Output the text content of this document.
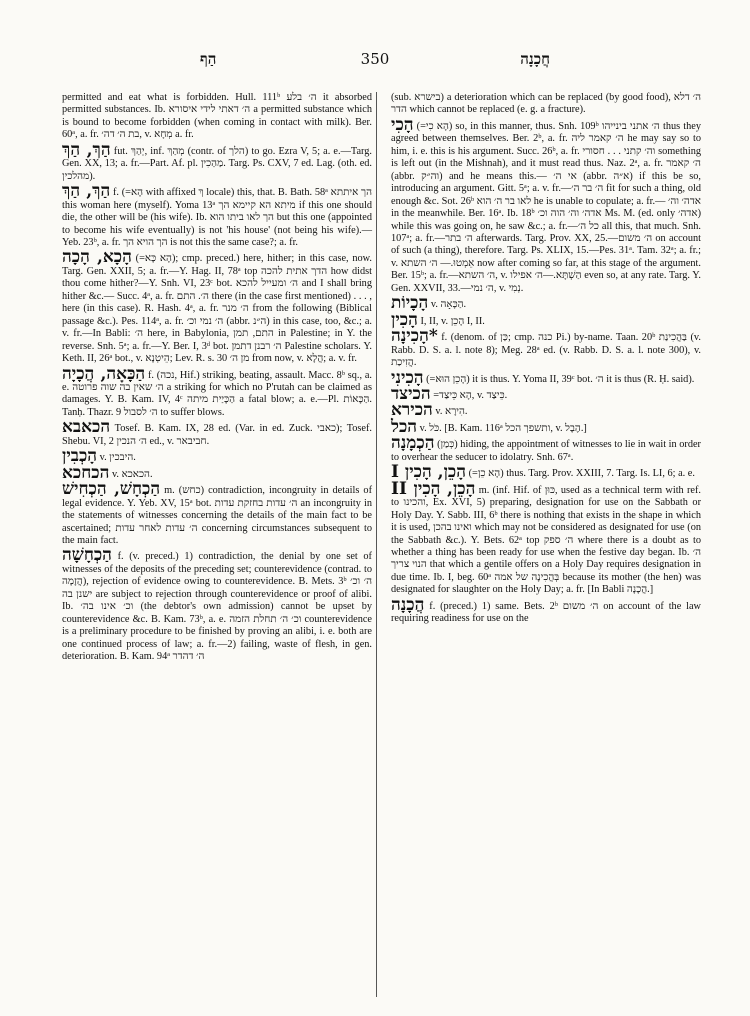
הַף	350	חֲכָנָה

permitted and eat what is forbidden. Hull. 111ᵇ ה׳ בלע it absorbed permitted substances. Ib. ה׳ דאתי לידי איסורא a permitted substance which is bound to become forbidden (when coming in contact with milk). Ber. 60ᵃ, a. fr. בת ה׳ דה׳, v. מְחָא a. fr.

הַךְ, הַךְ fut. יְהַךְ, inf. מְהַךְ (contr. of הלך) to go. Ezra V, 5; a. e.—Targ. Gen. XX, 13; a. fr.—Part. Af. pl. מַהַכִין. Targ. Ps. CXV, 7 ed. Lag. (oth. ed. מהלכין).

הַךְ, הַךְ f. (=הָא with affixed ךְ locale) this, that. B. Bath. 58ᵃ הך איתתא this woman here (myself). Yoma 13ᵃ מיתא הא קיימא הך if this one should die, the other will be (his wife). Ib. הך לאו ביתו הוא but this one (appointed to become his wife eventually) is not 'his house' (not being his wife).—Yeb. 23ᵇ, a. fr. הך הויא הך is not this the same case?; a. fr.

הָכָא, הָכָה (=הָא כָּא); cmp. preced.) here, hither; in this case, now. Targ. Gen. XXII, 5; a. fr.—Y. Hag. II, 78ᵃ top הדך אתית להכה how didst thou come hither?—Y. Snh. VI, 23ᶜ bot. ה׳ ומעייל להכא and I shall bring hither &c.— Succ. 4ᵃ, a. fr. ה׳. התם there (in the case first mentioned) . . . , here (in this case). R. Hash. 4ᵃ, a. fr. ה׳ מנר from the following (Biblical passage &c.). Pes. 114ᵃ, a. fr. ה׳ נמי וכ׳ (abbr. ה״נ) in this case, too, &c.; a. v. fr.—In Babli: ה׳ here, in Babylonia, התם, תמן in Palestine; in Y. the reverse. Snh. 5ᵃ; a. fr.—Y. Ber. I, 3ᵈ bot. ה׳ רבנן דתמן Palestine scholars. Y. Keth. II, 26ᵃ bot., v. הֵיטְנָא; Lev. R. s. 30 מן ה׳ from now, v. הֲלָא; a. v. fr.

הַכָּאָה, הֲכָיָה f. (נכה, Hif.) striking, beating, assault. Macc. 8ᵇ sq., a. e. ה׳ שאין בה שוה פרוטה a striking for which no P'rutah can be claimed as damages. Y. B. Kam. IV, 4ᶜ הַכָּיַית מיתה a fatal blow; a. e.—Pl. הַכָּאוֹת. Tanḥ. Thazr. 9 ה׳ לסבול to suffer blows.

הכאבא Tosef. B. Kam. IX, 28 ed. (Var. in ed. Zuck. כאבי); Tosef. Shebu. VI, 2 ה׳ הנכין ed., v. חביבאר.

הָכְבִין v. היבכין.

הכחכא v. הכאכא.

הַכְחָשׁ, הַכְחִישׁ m. (כחש) contradiction, incongruity in details of legal evidence. Y. Yeb. XV, 15ᵃ bot. ה׳ עדות בחזקת עדות an incongruity in the statements of witnesses concerning the details of the main fact to be ascertained; ה׳ עדות לאחר עדות concerning circumstances subsequent to the main fact.

הַכְחָשָׁה f. (v. preced.) 1) contradiction, the denial by one set of witnesses of the deposits of the preceding set; counterevidence (contrad. to הֲזָמָה), rejection of evidence owing to counterevidence. B. Mets. 3ᵇ ה׳ וכ׳ ישנן בה are subject to rejection through counterevidence or proof of alibi. Ib. וכ׳ אינו בה׳ (the debtor's own admission) cannot be upset by counterevidence &c. B. Kam. 73ᵇ, a. e. וכ׳ ה׳ תחלת הזמה counterevidence is a preliminary procedure to be finished by proving an alibi, i. e. both are one continued process of law; a. fr.—2) failing, waste of flesh, in gen. deterioration. B. Kam. 94ᵃ ה׳ דהדר

(sub. בישרא) a deterioration which can be replaced (by good food), ה׳ דלא הדר which cannot be replaced (e. g. a fracture).

הָכִי (=הָא כִי) so, in this manner, thus. Snh. 109ᵇ ה׳ אתני בינייהו thus they agreed between themselves. Ber. 2ᵇ, a. fr. ה׳ קאמר ליה he may say so to him, i. e. this is his argument. Succ. 26ᵇ, a. fr. וה׳ קתני . . . חסורי something is left out (in the Mishnah), and it must read thus. Naz. 2ᵃ, a. fr. ה׳ קאמר (abbr. וה״ק) and he means this.— אי ה׳ (abbr. א״ה) if this be so, introducing an argument. Gitt. 5ᵃ; a. v. fr.—ה׳ בר ה׳ fit for such a thing, old enough &c. Sot. 26ᵇ לאו בר ה׳ הוא he is unable to copulate; a. fr.— אדה׳ וה׳ in the meanwhile. Ber. 16ᵃ. Ib. 18ᵇ אדה׳ וה׳ הוה וכ׳ Ms. M. (ed. only אדה׳) while this was going on, he saw &c.; a. fr.—כל ה׳ all this, that much. Snh. 107ᵃ; a. fr.—ה׳ בתר afterwards. Targ. Prov. XX, 25.—ה׳ משום on account of such (a thing), therefore. Targ. Ps. XLIX, 15.—Pes. 31ᵃ. Tam. 32ᵃ; a. fr.; v. אֵמְטוּ.— ה׳ השתא now after coming so far, at this stage of the argument. Ber. 15ᵇ; a. fr.—ה׳ השתא, v. הַשְׁתָּא.—ה׳ אפילו even so, at any rate. Targ. Y. Gen. XXVII, 33.—ה׳ נמי, v. נְמִי.

הָכָיוֹת v. הַכָּאָה.

הָכִין I, II, v. הָכֵן I, II.

*הָכִינָה f. (denom. of כַּן; cmp. כנה Pi.) by-name. Taan. 20ᵇ בַּהֲכִינַת (v. Rabb. D. S. a. l. note 8); Meg. 28ᵃ ed. (v. Rabb. D. S. a. l. note 300), v. הֲזִיכַת.

הָכִינִי (=הָכֵן הוּא) it is thus. Y. Yoma II, 39ᶜ bot. ה׳ it is thus (R. Ḥ. said).

הכיצד =הָא כֵּיצַד, v. כֵּיצַד.

הכירא v. הִירָא.

הכל v. כֹּל. [B. Kam. 116ᵃ ותשפך הכל, v. הֶבֶל.]

הַכְמָנָה (כְּמַן) hiding, the appointment of witnesses to lie in wait in order to overhear the seducer to idolatry. Snh. 67ᵃ.

הָכֵן, הָכִין I (=הָא כֵן) thus. Targ. Prov. XXIII, 7. Targ. Is. LI, 6; a. e.

הָכֵן, הָכִין II m. (inf. Hif. of כּוּן, used as a technical term with ref. to והכינו, Ex. XVI, 5) preparing, designation for use on the Sabbath or Holy Day. Y. Sabb. III, 6ᵇ there is nothing that exists in the shape in which it is used, ואינו בהכן which may not be considered as designated for use (on the Sabbath &c.). Y. Bets. 62ᵃ top ה׳ ספק where there is a doubt as to whether a thing has been ready for use when the festive day began. Ib. ה׳ הנוי צריך that which a gentile offers on a Holy Day requires designation in due time. Ib. I, beg. 60ᵃ בְּהֲכִינָה של אמה because its mother (the hen) was designated for slaughter on the Holy Day; a. fr. [In Babli הֲכָנָה.]

הֲכָנָה f. (preced.) 1) same. Bets. 2ᵇ ה׳ משום on account of the law requiring readiness for use on the
